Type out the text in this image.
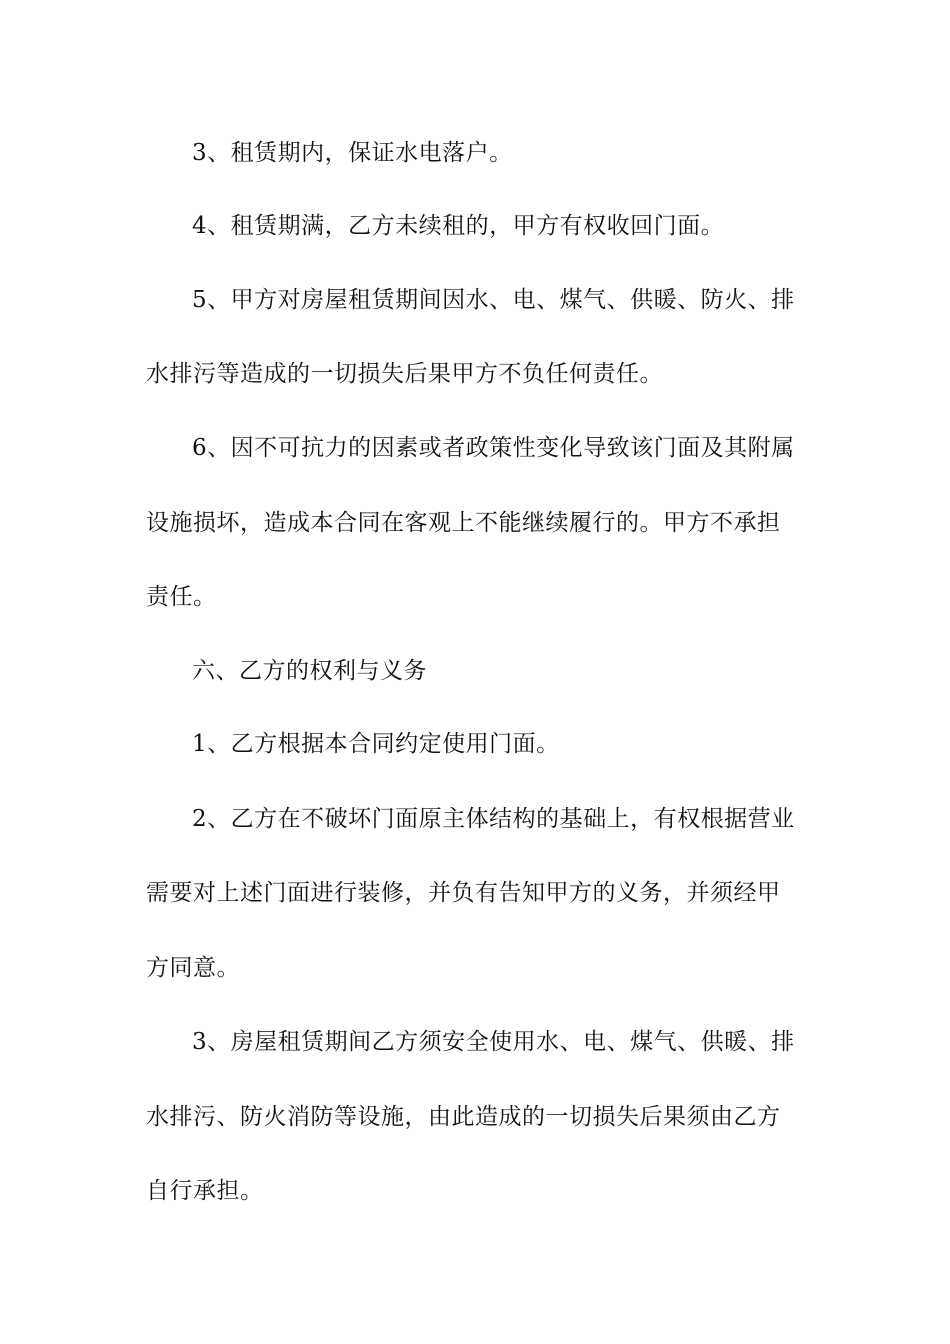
3、租赁期内，保证水电落户。
4、租赁期满，乙方未续租的，甲方有权收回门面。
5、甲方对房屋租赁期间因水、电、煤气、供暖、防火、排
水排污等造成的一切损失后果甲方不负任何责任。
6、因不可抗力的因素或者政策性变化导致该门面及其附属
设施损坏，造成本合同在客观上不能继续履行的。甲方不承担
责任。
六、乙方的权利与义务
1、乙方根据本合同约定使用门面。
2、乙方在不破坏门面原主体结构的基础上，有权根据营业
需要对上述门面进行装修，并负有告知甲方的义务，并须经甲
方同意。
3、房屋租赁期间乙方须安全使用水、电、煤气、供暖、排
水排污、防火消防等设施，由此造成的一切损失后果须由乙方
自行承担。
